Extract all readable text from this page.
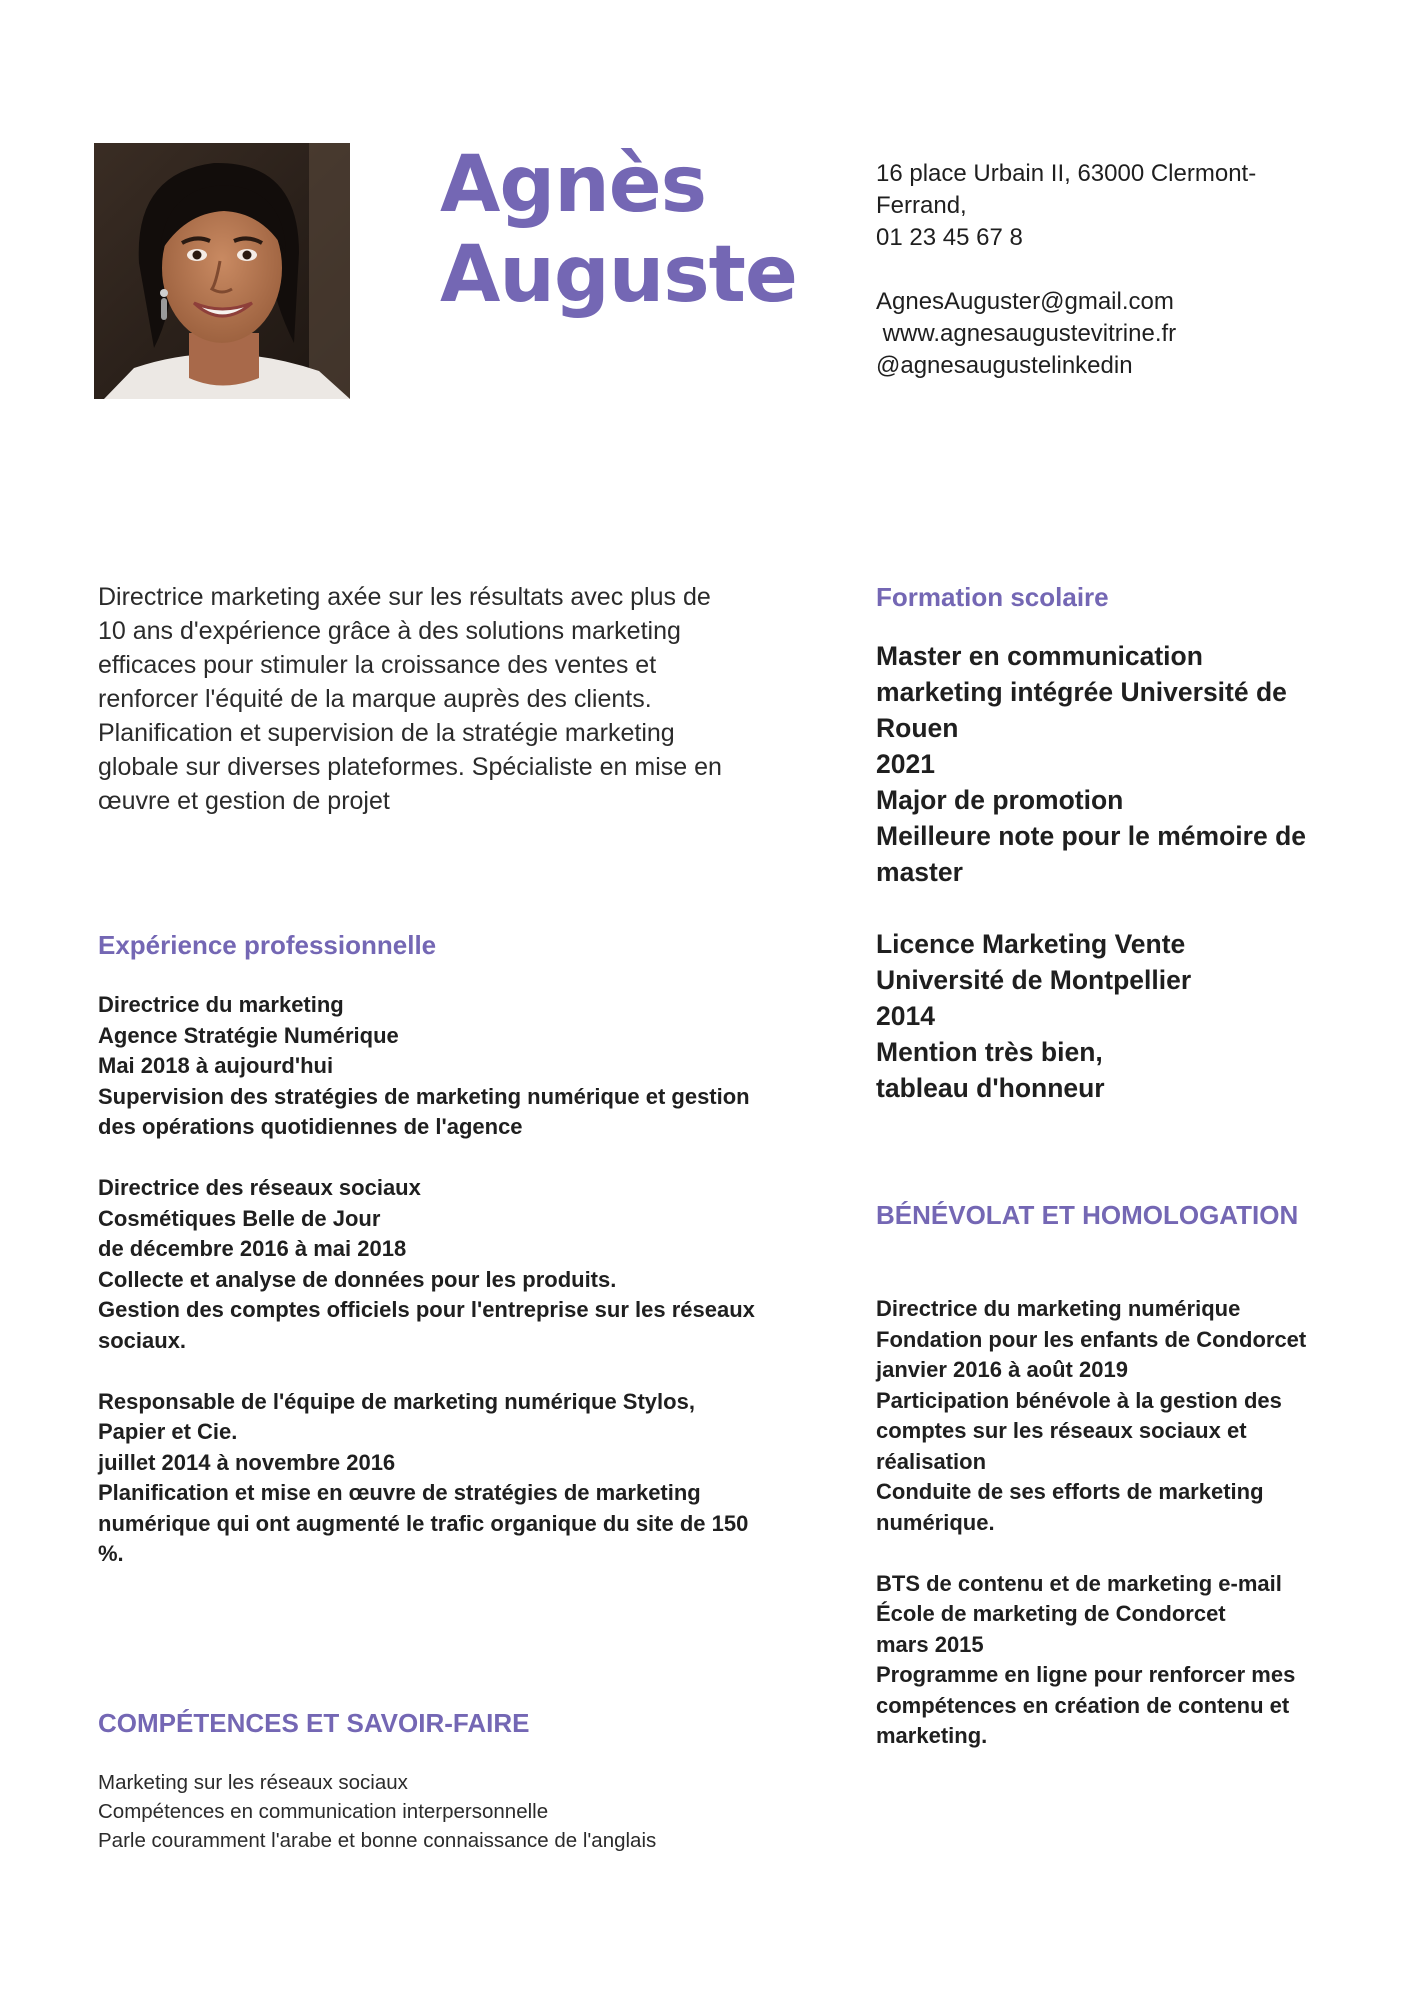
Agnès
Auguste
16 place Urbain II, 63000 Clermont-
Ferrand,
01 23 45 67 8
AgnesAuguster@gmail.com
www.agnesaugustevitrine.fr
@agnesaugustelinkedin

Directrice marketing axée sur les résultats avec plus de 10 ans d'expérience grâce à des solutions marketing efficaces pour stimuler la croissance des ventes et renforcer l'équité de la marque auprès des clients. Planification et supervision de la stratégie marketing globale sur diverses plateformes. Spécialiste en mise en œuvre et gestion de projet

Expérience professionnelle
Directrice du marketing
Agence Stratégie Numérique
Mai 2018 à aujourd'hui
Supervision des stratégies de marketing numérique et gestion des opérations quotidiennes de l'agence
Directrice des réseaux sociaux
Cosmétiques Belle de Jour
de décembre 2016 à mai 2018
Collecte et analyse de données pour les produits.
Gestion des comptes officiels pour l'entreprise sur les réseaux sociaux.
Responsable de l'équipe de marketing numérique Stylos, Papier et Cie.
juillet 2014 à novembre 2016
Planification et mise en œuvre de stratégies de marketing numérique qui ont augmenté le trafic organique du site de 150 %.
Formation scolaire
Master en communication marketing intégrée Université de Rouen
2021
Major de promotion
Meilleure note pour le mémoire de master
Licence Marketing Vente
Université de Montpellier
2014
Mention très bien,
tableau d'honneur
BÉNÉVOLAT ET HOMOLOGATION
Directrice du marketing numérique
Fondation pour les enfants de Condorcet
janvier 2016 à août 2019
Participation bénévole à la gestion des comptes sur les réseaux sociaux et réalisation
Conduite de ses efforts de marketing numérique.
BTS de contenu et de marketing e-mail
École de marketing de Condorcet
mars 2015
Programme en ligne pour renforcer mes compétences en création de contenu et marketing.
COMPÉTENCES ET SAVOIR-FAIRE
Marketing sur les réseaux sociaux
Compétences en communication interpersonnelle
Parle couramment l'arabe et bonne connaissance de l'anglais
